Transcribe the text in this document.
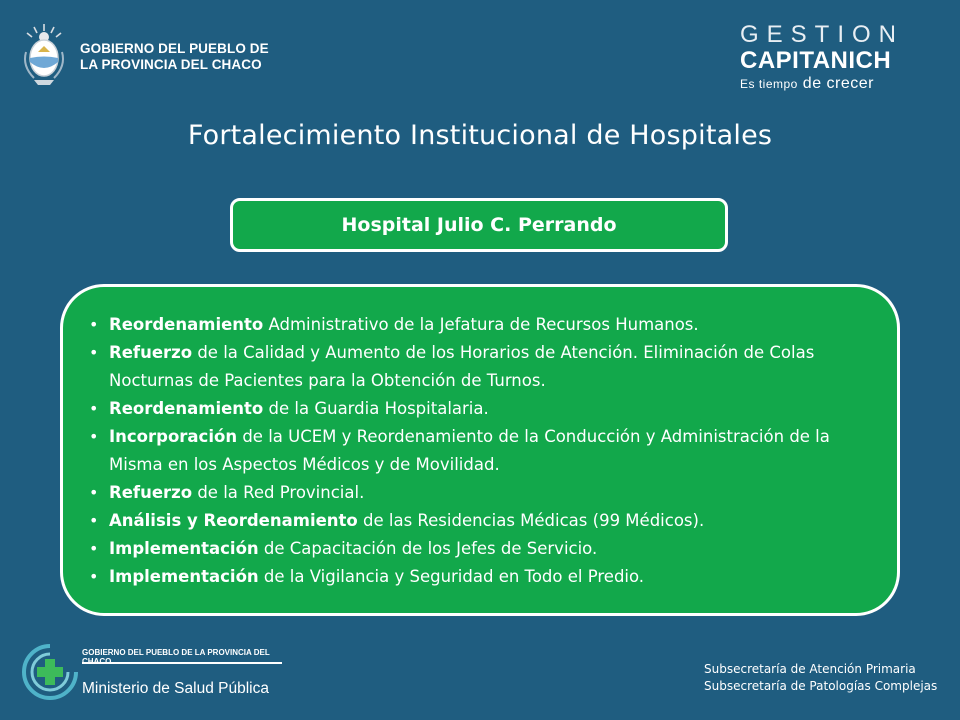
GOBIERNO DEL PUEBLO DE
LA PROVINCIA DEL CHACO
GESTION
CAPITANICH
Es tiempo de crecer
Fortalecimiento Institucional de Hospitales
Hospital Julio C. Perrando
• Reordenamiento Administrativo de la Jefatura de Recursos Humanos.
• Refuerzo de la Calidad y Aumento de los Horarios de Atención. Eliminación de Colas Nocturnas de Pacientes para la Obtención de Turnos.
• Reordenamiento de la Guardia Hospitalaria.
• Incorporación de la UCEM y Reordenamiento de la Conducción y Administración de la Misma en los Aspectos Médicos y de Movilidad.
• Refuerzo de la Red Provincial.
• Análisis y Reordenamiento de las Residencias Médicas (99 Médicos).
• Implementación de Capacitación de los Jefes de Servicio.
• Implementación de la Vigilancia y Seguridad en Todo el Predio.
GOBIERNO DEL PUEBLO DE LA PROVINCIA DEL
Ministerio de Salud Pública
Subsecretaría de Atención Primaria
Subsecretaría de Patologías Complejas
